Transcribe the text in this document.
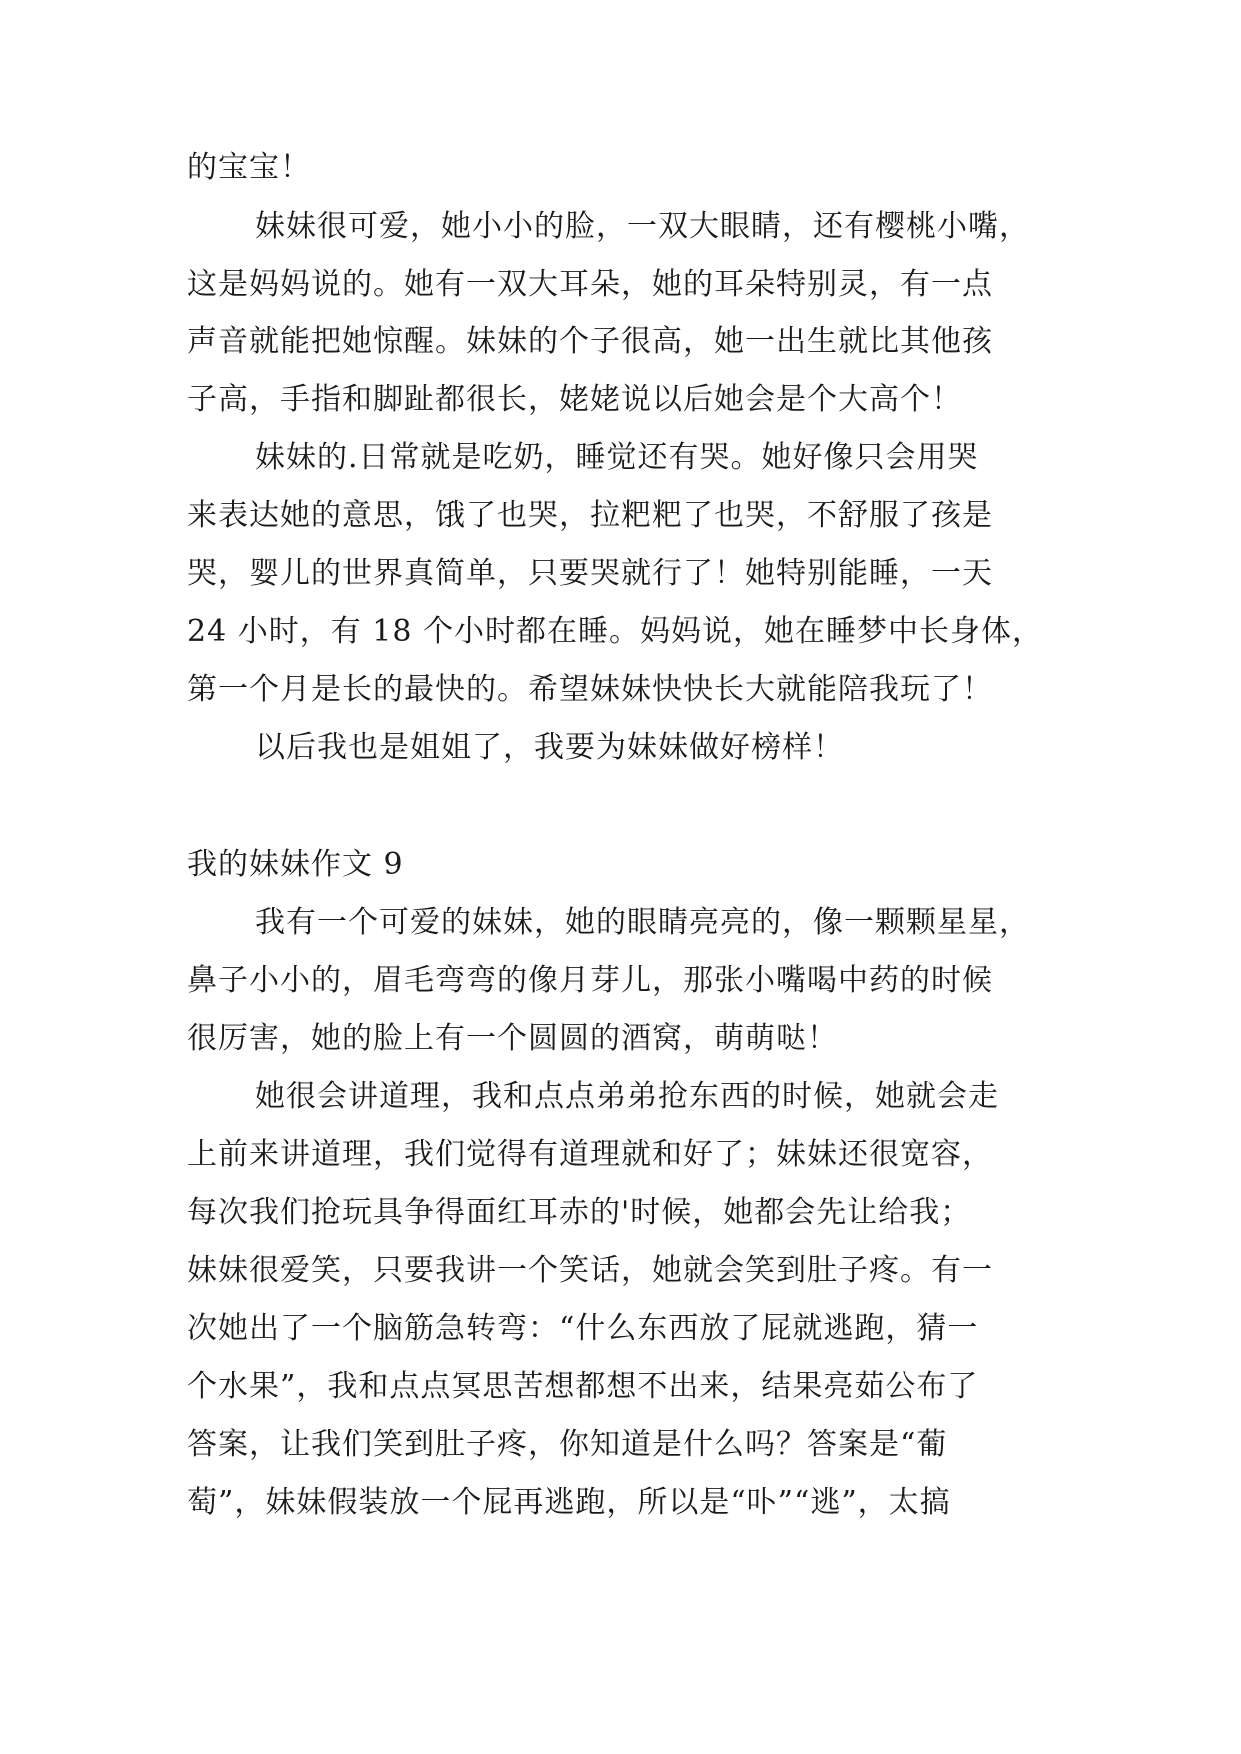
的宝宝！
妹妹很可爱，她小小的脸，一双大眼睛，还有樱桃小嘴，
这是妈妈说的。她有一双大耳朵，她的耳朵特别灵，有一点
声音就能把她惊醒。妹妹的个子很高，她一出生就比其他孩
子高，手指和脚趾都很长，姥姥说以后她会是个大高个！
妹妹的.日常就是吃奶，睡觉还有哭。她好像只会用哭
来表达她的意思，饿了也哭，拉粑粑了也哭，不舒服了孩是
哭，婴儿的世界真简单，只要哭就行了！她特别能睡，一天
24 小时，有 18 个小时都在睡。妈妈说，她在睡梦中长身体，
第一个月是长的最快的。希望妹妹快快长大就能陪我玩了！
以后我也是姐姐了，我要为妹妹做好榜样！
我的妹妹作文 9
我有一个可爱的妹妹，她的眼睛亮亮的，像一颗颗星星，
鼻子小小的，眉毛弯弯的像月芽儿，那张小嘴喝中药的时候
很厉害，她的脸上有一个圆圆的酒窝，萌萌哒！
她很会讲道理，我和点点弟弟抢东西的时候，她就会走
上前来讲道理，我们觉得有道理就和好了；妹妹还很宽容，
每次我们抢玩具争得面红耳赤的'时候，她都会先让给我；
妹妹很爱笑，只要我讲一个笑话，她就会笑到肚子疼。有一
次她出了一个脑筋急转弯：“什么东西放了屁就逃跑，猜一
个水果”，我和点点冥思苦想都想不出来，结果亮茹公布了
答案，让我们笑到肚子疼，你知道是什么吗？答案是“葡
萄”，妹妹假装放一个屁再逃跑，所以是“卟”“逃”，太搞
